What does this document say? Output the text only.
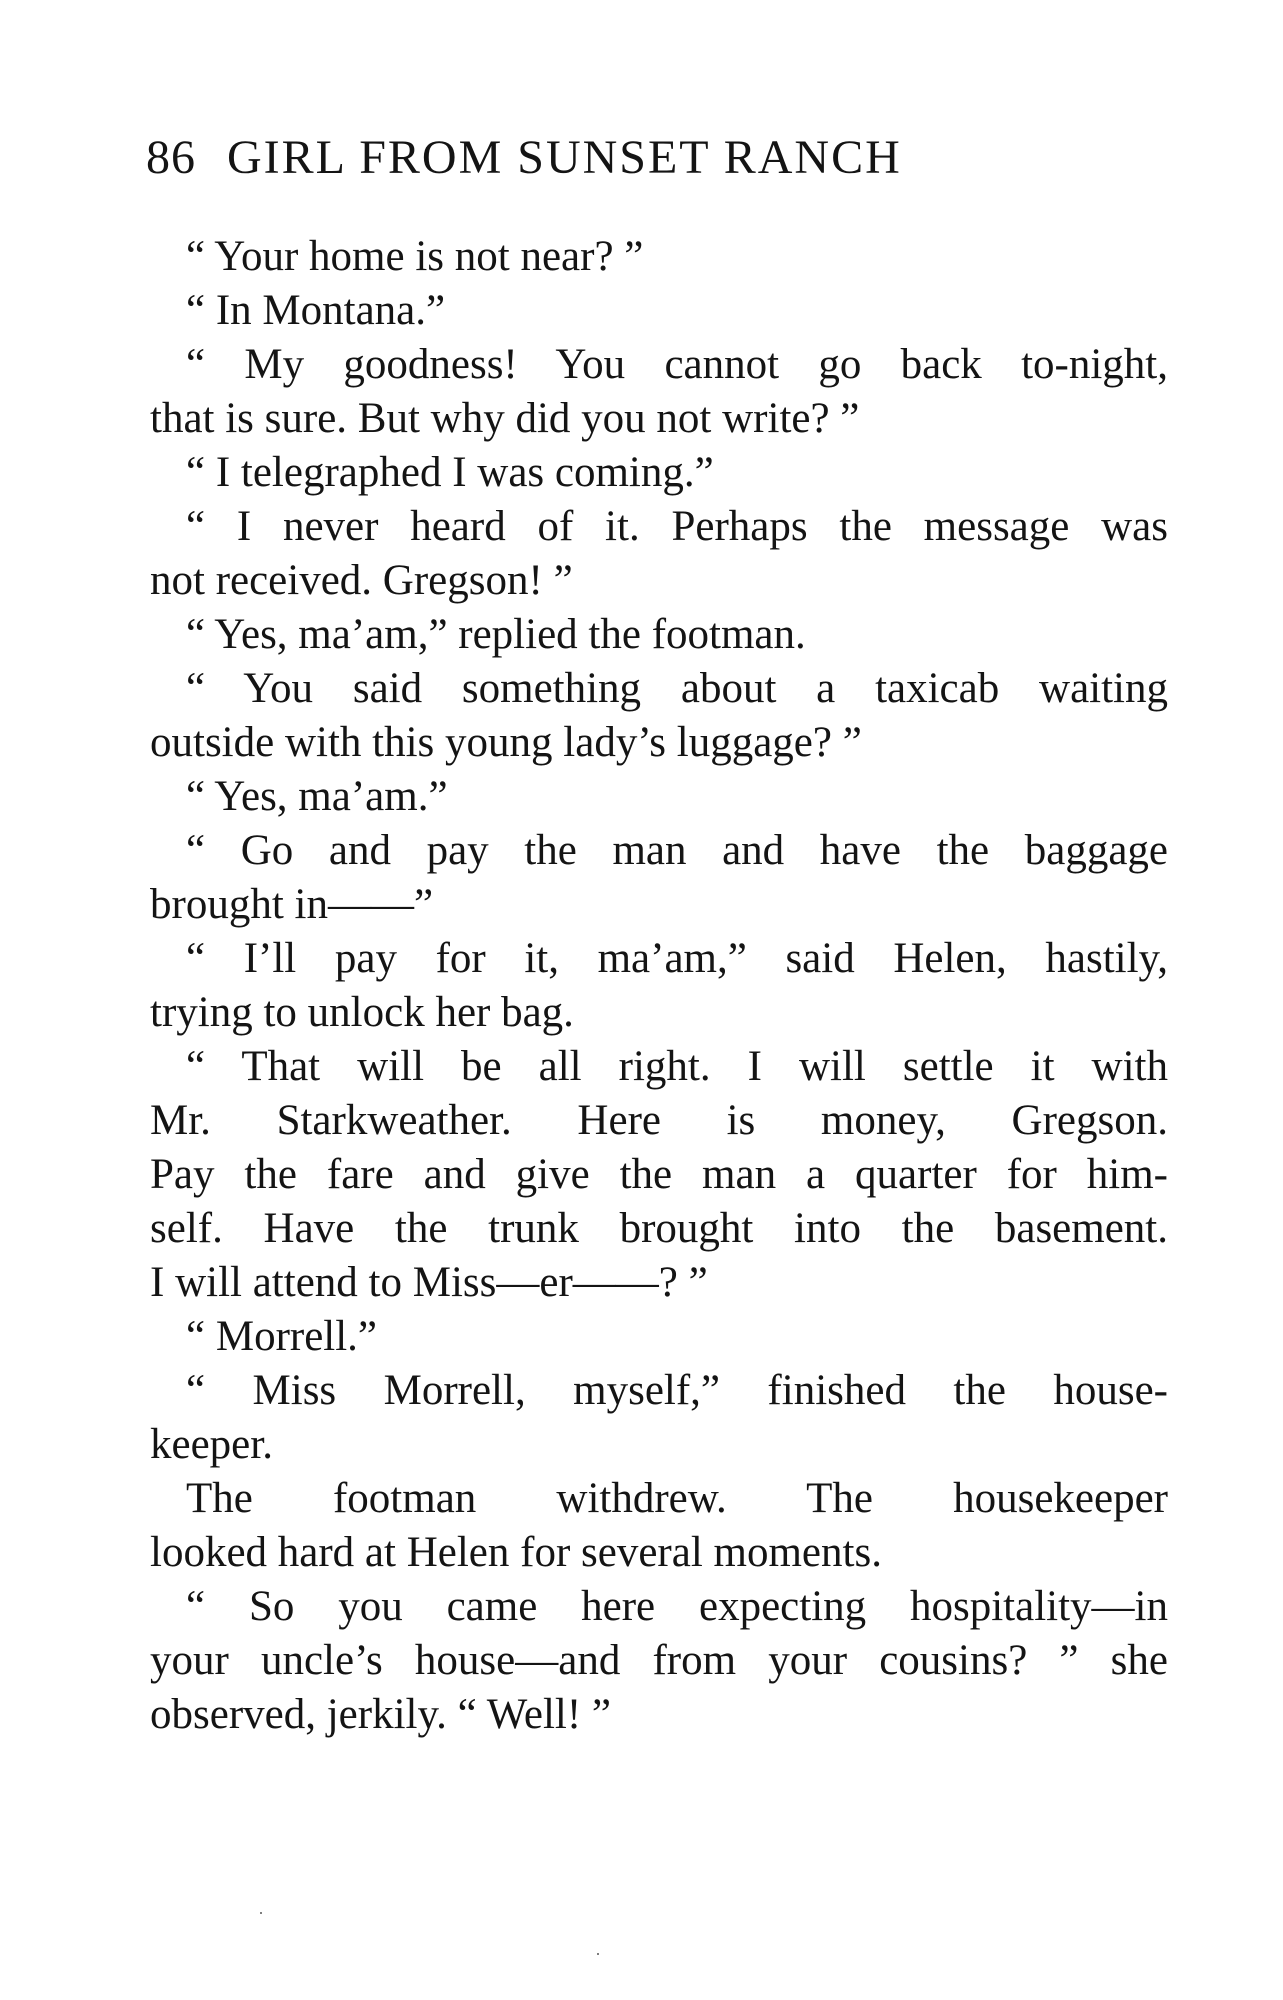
86 GIRL FROM SUNSET RANCH
“ Your home is not near? ”
“ In Montana.”
“ My goodness! You cannot go back to-night,
that is sure. But why did you not write? ”
“ I telegraphed I was coming.”
“ I never heard of it. Perhaps the message was
not received. Gregson! ”
“ Yes, ma’am,” replied the footman.
“ You said something about a taxicab waiting
outside with this young lady’s luggage? ”
“ Yes, ma’am.”
“ Go and pay the man and have the baggage
brought in——”
“ I’ll pay for it, ma’am,” said Helen, hastily,
trying to unlock her bag.
“ That will be all right. I will settle it with
Mr. Starkweather. Here is money, Gregson.
Pay the fare and give the man a quarter for him-
self. Have the trunk brought into the basement.
I will attend to Miss—er——? ”
“ Morrell.”
“ Miss Morrell, myself,” finished the house-
keeper.
The footman withdrew. The housekeeper
looked hard at Helen for several moments.
“ So you came here expecting hospitality—in
your uncle’s house—and from your cousins? ” she
observed, jerkily. “ Well! ”
